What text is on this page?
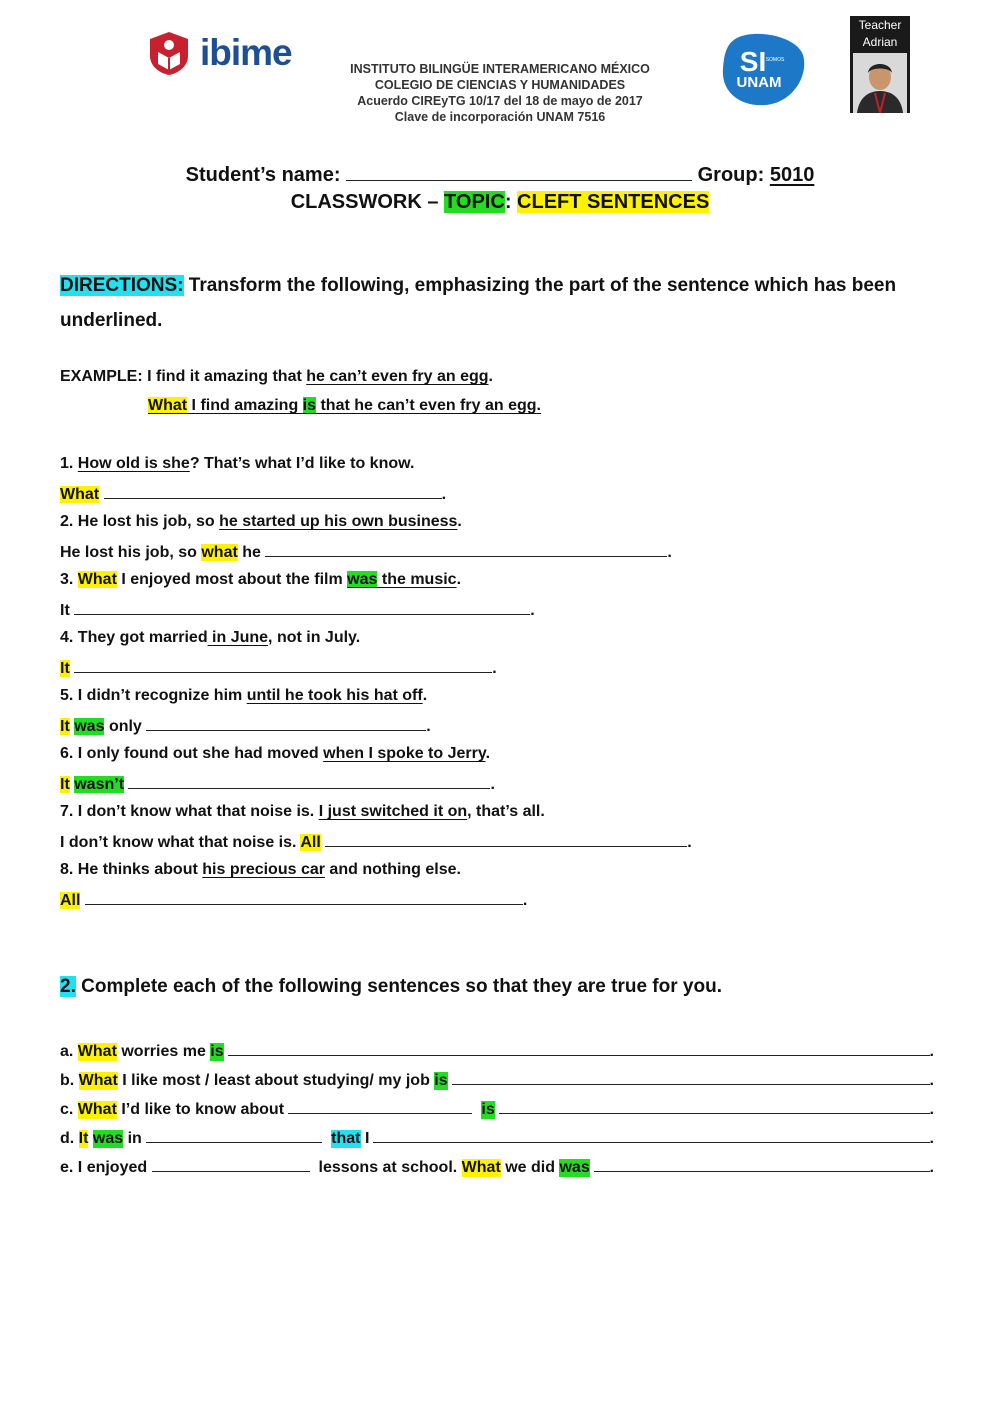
ibime	INSTITUTO BILINGÜE INTERAMERICANO MÉXICO
COLEGIO DE CIENCIAS Y HUMANIDADES
Acuerdo CIREyTG 10/17 del 18 de mayo de 2017
Clave de incorporación UNAM 7516
SI SOMOS
UNAM
Teacher
Adrian
Student’s name:	Group: 5010
CLASSWORK – TOPIC: CLEFT SENTENCES
DIRECTIONS: Transform the following, emphasizing the part of the sentence which has been underlined.
EXAMPLE: I find it amazing that he can’t even fry an egg.
What I find amazing is that he can’t even fry an egg.
1. How old is she? That’s what I’d like to know.
What	.
2. He lost his job, so he started up his own business.
He lost his job, so what he	.
3. What I enjoyed most about the film was the music.
It	.
4. They got married in June, not in July.
It	.
5. I didn’t recognize him until he took his hat off.
It was only	.
6. I only found out she had moved when I spoke to Jerry.
It wasn’t	.
7. I don’t know what that noise is. I just switched it on, that’s all.
I don’t know what that noise is. All	.
8. He thinks about his precious car and nothing else.
All	.
2. Complete each of the following sentences so that they are true for you.
a.
What
worries me
is	.
b.
What
I like most / least about studying/ my job
is	.
c.
What
I’d like to know about

	is	.
d.
It
was
in

	that
I	.
e.
I enjoyed

	lessons at school.
What
we did
was	.
